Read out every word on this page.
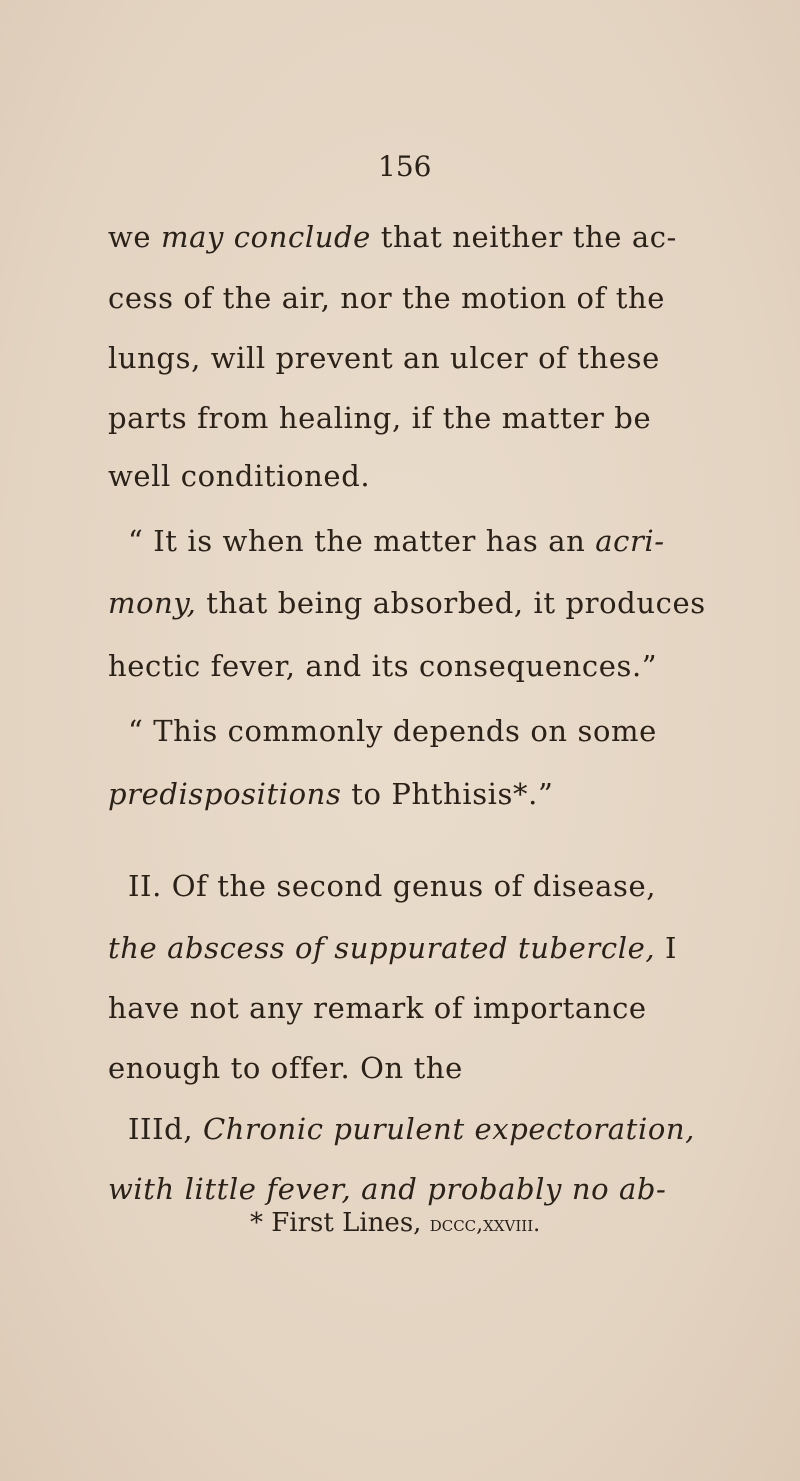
156
we may conclude that neither the ac-
cess of the air, nor the motion of the
lungs, will prevent an ulcer of these
parts from healing, if the matter be
well conditioned.
“ It is when the matter has an acri-
mony, that being absorbed, it produces
hectic fever, and its consequences.”
“ This commonly depends on some
predispositions to Phthisis*.”
II. Of the second genus of disease,
the abscess of suppurated tubercle, I
have not any remark of importance
enough to offer. On the
IIId, Chronic purulent expectoration,
with little fever, and probably no ab-
* First Lines, dccc,xxviii.
